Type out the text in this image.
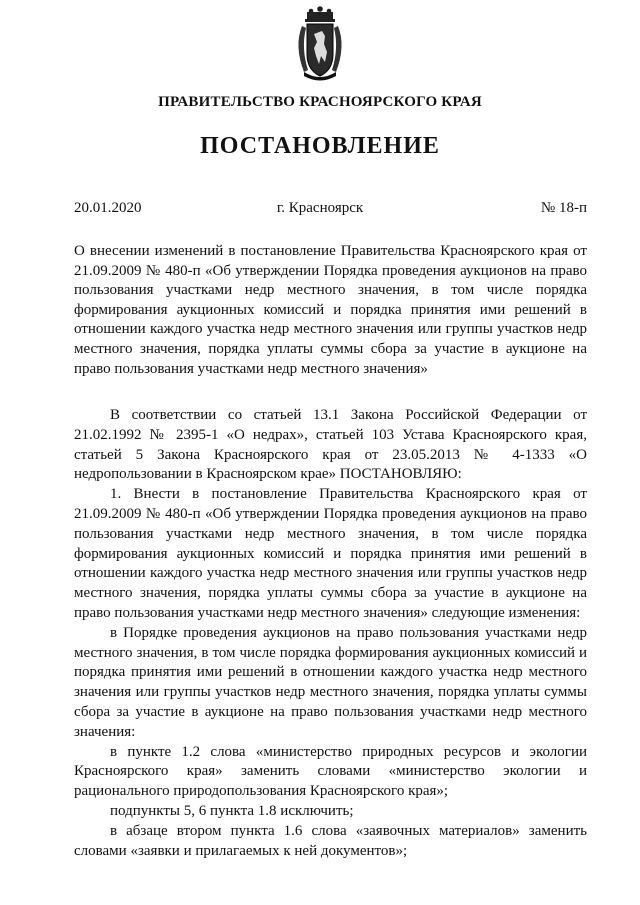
ПРАВИТЕЛЬСТВО КРАСНОЯРСКОГО КРАЯ
ПОСТАНОВЛЕНИЕ
20.01.2020	г. Красноярск	№ 18-п
О внесении изменений в постановление Правительства Красноярского края от 21.09.2009 № 480-п «Об утверждении Порядка проведения аукционов на право пользования участками недр местного значения, в том числе порядка формирования аукционных комиссий и порядка принятия ими решений в отношении каждого участка недр местного значения или группы участков недр местного значения, порядка уплаты суммы сбора за участие в аукционе на право пользования участками недр местного значения»

В соответствии со статьей 13.1 Закона Российской Федерации от 21.02.1992 № 2395-1 «О недрах», статьей 103 Устава Красноярского края, статьей 5 Закона Красноярского края от 23.05.2013 № 4-1333 «О недропользовании в Красноярском крае» ПОСТАНОВЛЯЮ:

1. Внести в постановление Правительства Красноярского края от 21.09.2009 № 480-п «Об утверждении Порядка проведения аукционов на право пользования участками недр местного значения, в том числе порядка формирования аукционных комиссий и порядка принятия ими решений в отношении каждого участка недр местного значения или группы участков недр местного значения, порядка уплаты суммы сбора за участие в аукционе на право пользования участками недр местного значения» следующие изменения:

в Порядке проведения аукционов на право пользования участками недр местного значения, в том числе порядка формирования аукционных комиссий и порядка принятия ими решений в отношении каждого участка недр местного значения или группы участков недр местного значения, порядка уплаты суммы сбора за участие в аукционе на право пользования участками недр местного значения:

в пункте 1.2 слова «министерство природных ресурсов и экологии Красноярского края» заменить словами «министерство экологии и рационального природопользования Красноярского края»;

подпункты 5, 6 пункта 1.8 исключить;

в абзаце втором пункта 1.6 слова «заявочных материалов» заменить словами «заявки и прилагаемых к ней документов»;
